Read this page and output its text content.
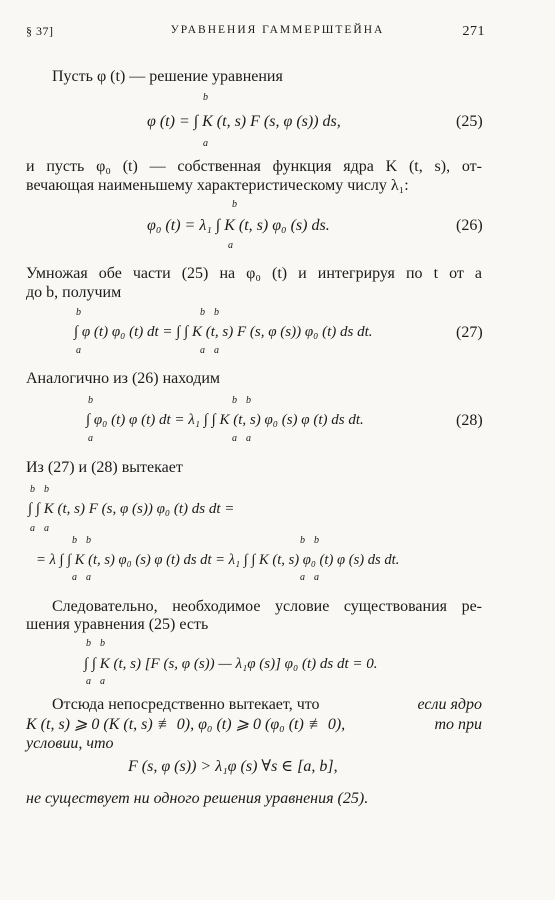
§ 37]	УРАВНЕНИЯ ГАММЕРШТЕЙНА	271
Пусть φ (t) — решение уравнения
b
a
φ (t) = ∫ K (t, s) F (s, φ (s)) ds,	(25)
и пусть φ₀ (t) — собственная функция ядра K (t, s), от-
вечающая наименьшему характеристическому числу λ₁:
b
a
φ₀ (t) = λ₁ ∫ K (t, s) φ₀ (s) ds.	(26)
Умножая обе части (25) на φ₀ (t) и интегрируя по t от a
до b, получим
b
a
b
a
b
a
∫ φ (t) φ₀ (t) dt = ∫ ∫ K (t, s) F (s, φ (s)) φ₀ (t) ds dt.	(27)
Аналогично из (26) находим
b
a
b
a
b
a
∫ φ₀ (t) φ (t) dt = λ₁ ∫ ∫ K (t, s) φ₀ (s) φ (t) ds dt.	(28)
Из (27) и (28) вытекает
b
a
b
a
∫ ∫ K (t, s) F (s, φ (s)) φ₀ (t) ds dt =
b
a
b
a
b
a
b
a
= λ ∫ ∫ K (t, s) φ₀ (s) φ (t) ds dt = λ₁ ∫ ∫ K (t, s) φ₀ (t) φ (s) ds dt.
Следовательно, необходимое условие существования ре-
шения уравнения (25) есть
b
a
b
a
∫ ∫ K (t, s) [F (s, φ (s)) — λ₁φ (s)] φ₀ (t) ds dt = 0.
Отсюда непосредственно вытекает, что	если ядро
K (t, s) ⩾ 0 (K (t, s) ≢ 0), φ₀ (t) ⩾ 0 (φ₀ (t) ≢ 0),	то при
условии, что
F (s, φ (s)) > λ₁φ (s) ∀s ∈ [a, b],
не существует ни одного решения уравнения (25).
